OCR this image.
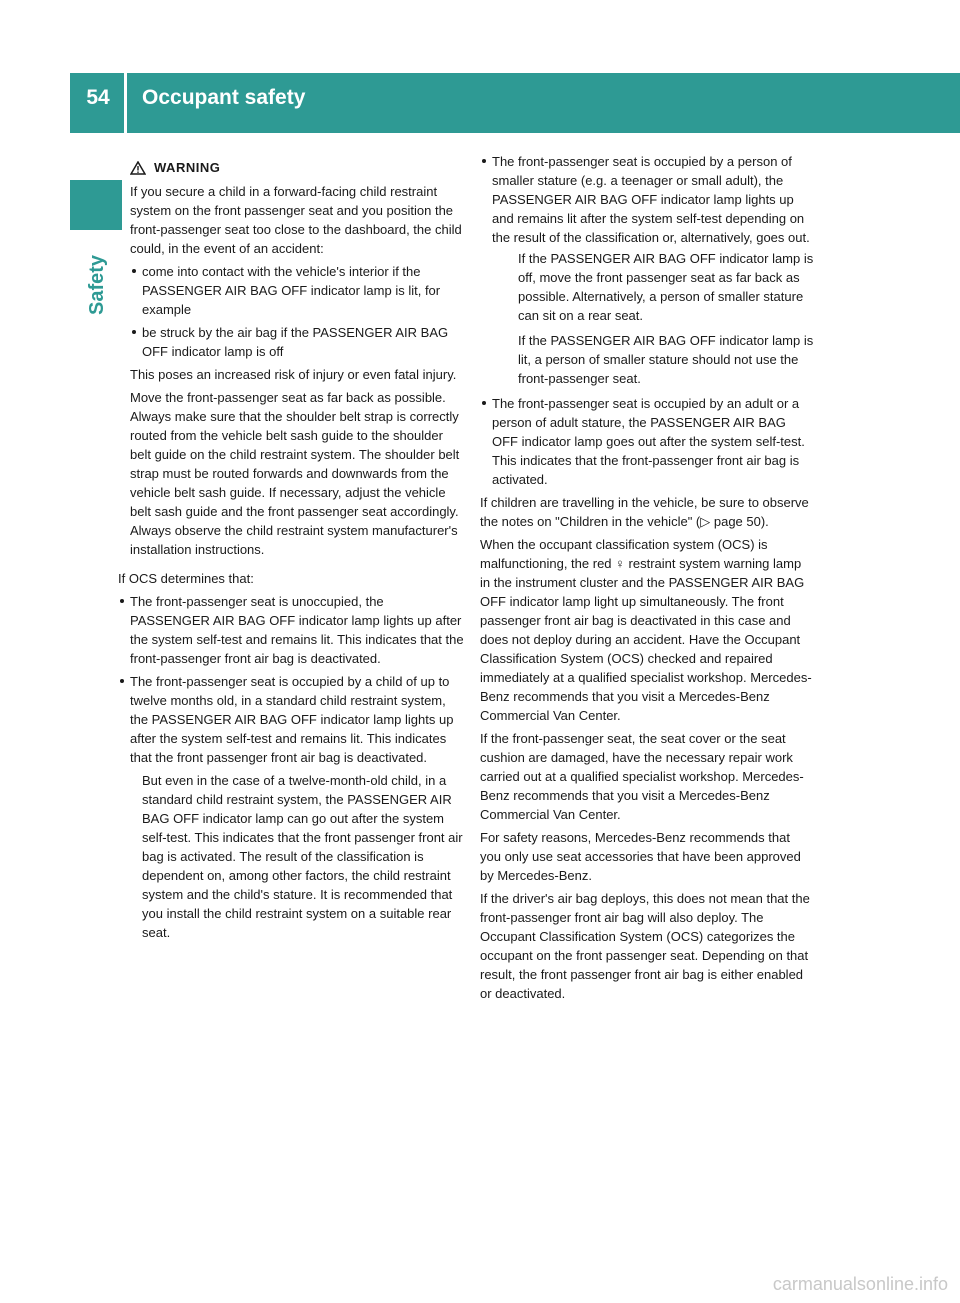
54	Occupant safety
Safety
WARNING

If you secure a child in a forward-facing child restraint system on the front passenger seat and you position the front-passenger seat too close to the dashboard, the child could, in the event of an accident:

come into contact with the vehicle's interior if the PASSENGER AIR BAG OFF indicator lamp is lit, for example
be struck by the air bag if the PASSENGER AIR BAG OFF indicator lamp is off

This poses an increased risk of injury or even fatal injury.

Move the front-passenger seat as far back as possible. Always make sure that the shoulder belt strap is correctly routed from the vehicle belt sash guide to the shoulder belt guide on the child restraint system. The shoulder belt strap must be routed forwards and downwards from the vehicle belt sash guide. If necessary, adjust the vehicle belt sash guide and the front passenger seat accordingly. Always observe the child restraint system manufacturer's installation instructions.

If OCS determines that:

The front-passenger seat is unoccupied, the PASSENGER AIR BAG OFF indicator lamp lights up after the system self-test and remains lit. This indicates that the front-passenger front air bag is deactivated.
The front-passenger seat is occupied by a child of up to twelve months old, in a standard child restraint system, the PASSENGER AIR BAG OFF indicator lamp lights up after the system self-test and remains lit. This indicates that the front passenger front air bag is deactivated.
But even in the case of a twelve-month-old child, in a standard child restraint system, the PASSENGER AIR BAG OFF indicator lamp can go out after the system self-test. This indicates that the front passenger front air bag is activated. The result of the classification is dependent on, among other factors, the child restraint system and the child's stature. It is recommended that you install the child restraint system on a suitable rear seat.
The front-passenger seat is occupied by a person of smaller stature (e.g. a teenager or small adult), the PASSENGER AIR BAG OFF indicator lamp lights up and remains lit after the system self-test depending on the result of the classification or, alternatively, goes out.
If the PASSENGER AIR BAG OFF indicator lamp is off, move the front passenger seat as far back as possible. Alternatively, a person of smaller stature can sit on a rear seat.
If the PASSENGER AIR BAG OFF indicator lamp is lit, a person of smaller stature should not use the front-passenger seat.
The front-passenger seat is occupied by an adult or a person of adult stature, the PASSENGER AIR BAG OFF indicator lamp goes out after the system self-test. This indicates that the front-passenger front air bag is activated.

If children are travelling in the vehicle, be sure to observe the notes on "Children in the vehicle" (▷ page 50).

When the occupant classification system (OCS) is malfunctioning, the red ♀ restraint system warning lamp in the instrument cluster and the PASSENGER AIR BAG OFF indicator lamp light up simultaneously. The front passenger front air bag is deactivated in this case and does not deploy during an accident. Have the Occupant Classification System (OCS) checked and repaired immediately at a qualified specialist workshop. Mercedes-Benz recommends that you visit a Mercedes-Benz Commercial Van Center.

If the front-passenger seat, the seat cover or the seat cushion are damaged, have the necessary repair work carried out at a qualified specialist workshop. Mercedes-Benz recommends that you visit a Mercedes-Benz Commercial Van Center.

For safety reasons, Mercedes-Benz recommends that you only use seat accessories that have been approved by Mercedes-Benz.

If the driver's air bag deploys, this does not mean that the front-passenger front air bag will also deploy. The Occupant Classification System (OCS) categorizes the occupant on the front passenger seat. Depending on that result, the front passenger front air bag is either enabled or deactivated.

carmanualsonline.info
